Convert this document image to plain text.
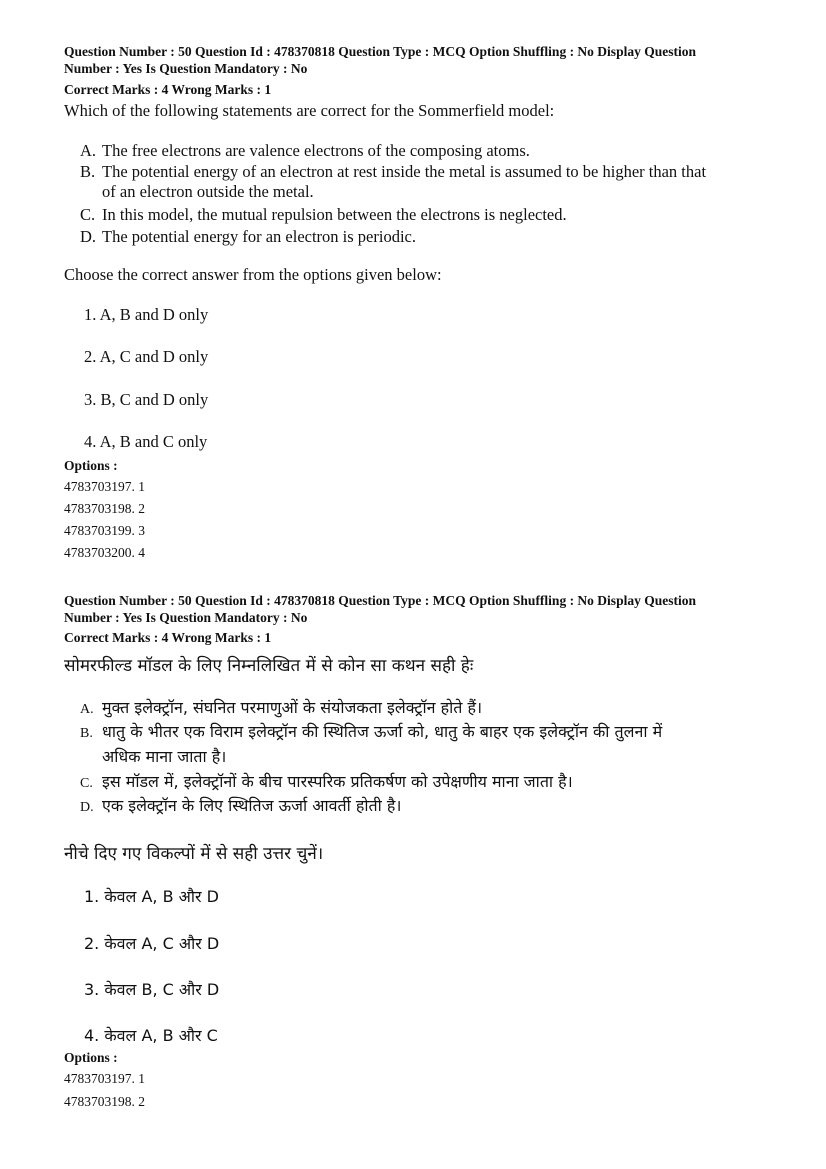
Question Number : 50 Question Id : 478370818 Question Type : MCQ Option Shuffling : No Display Question
Number : Yes Is Question Mandatory : No
Correct Marks : 4 Wrong Marks : 1
Which of the following statements are correct for the Sommerfield model:
A. The free electrons are valence electrons of the composing atoms.
B. The potential energy of an electron at rest inside the metal is assumed to be higher than that
of an electron outside the metal.
C. In this model, the mutual repulsion between the electrons is neglected.
D. The potential energy for an electron is periodic.
Choose the correct answer from the options given below:
1. A, B and D only
2. A, C and D only
3. B, C and D only
4. A, B and C only
Options :
4783703197. 1
4783703198. 2
4783703199. 3
4783703200. 4
Question Number : 50 Question Id : 478370818 Question Type : MCQ Option Shuffling : No Display Question
Number : Yes Is Question Mandatory : No
Correct Marks : 4 Wrong Marks : 1
सोमरफील्ड मॉडल के लिए निम्नलिखित में से कोन सा कथन सही हेः
A. मुक्त इलेक्ट्रॉन, संघनित परमाणुओं के संयोजकता इलेक्ट्रॉन होते हैं।
B. धातु के भीतर एक विराम इलेक्ट्रॉन की स्थितिज ऊर्जा को, धातु के बाहर एक इलेक्ट्रॉन की तुलना में
अधिक माना जाता है।
C. इस मॉडल में, इलेक्ट्रॉनों के बीच पारस्परिक प्रतिकर्षण को उपेक्षणीय माना जाता है।
D. एक इलेक्ट्रॉन के लिए स्थितिज ऊर्जा आवर्ती होती है।
नीचे दिए गए विकल्पों में से सही उत्तर चुनें।
1. केवल A, B और D
2. केवल A, C और D
3. केवल B, C और D
4. केवल A, B और C
Options :
4783703197. 1
4783703198. 2
